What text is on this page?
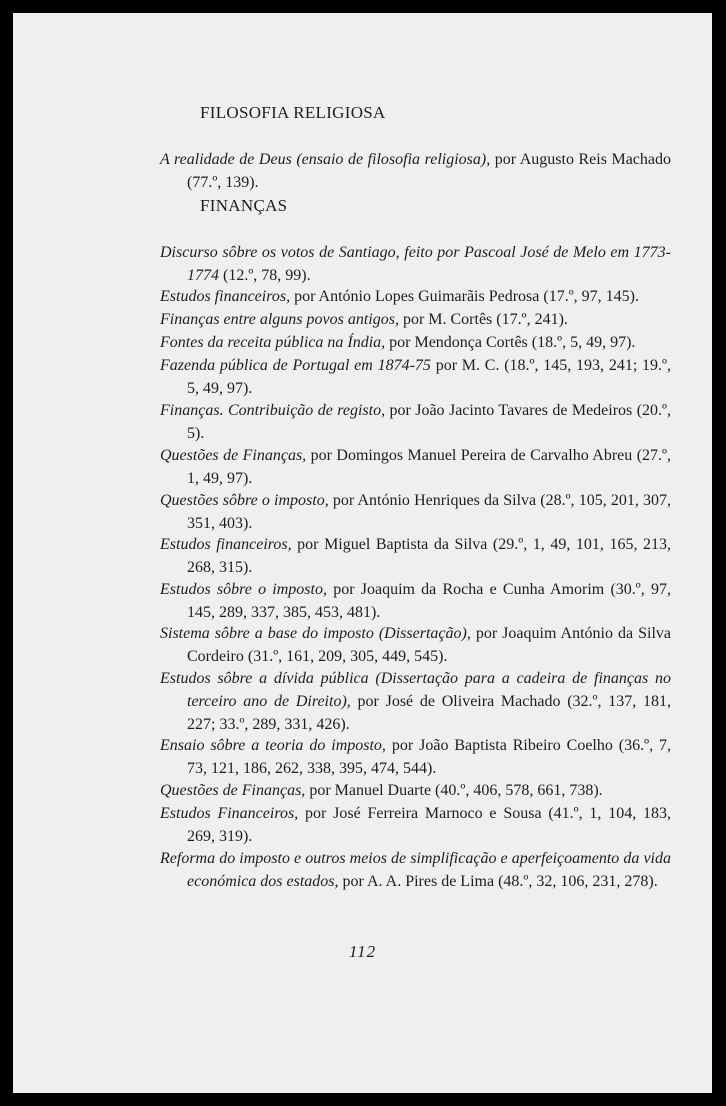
FILOSOFIA RELIGIOSA

A realidade de Deus (ensaio de filosofia religiosa), por Augusto Reis Machado (77.º, 139).

FINANÇAS

Discurso sôbre os votos de Santiago, feito por Pascoal José de Melo em 1773-1774 (12.º, 78, 99).

Estudos financeiros, por António Lopes Guimarãis Pedrosa (17.º, 97, 145).

Finanças entre alguns povos antigos, por M. Cortês (17.º, 241).

Fontes da receita pública na Índia, por Mendonça Cortês (18.º, 5, 49, 97).

Fazenda pública de Portugal em 1874-75 por M. C. (18.º, 145, 193, 241; 19.º, 5, 49, 97).

Finanças. Contribuição de registo, por João Jacinto Tavares de Medeiros (20.º, 5).

Questões de Finanças, por Domingos Manuel Pereira de Carvalho Abreu (27.º, 1, 49, 97).

Questões sôbre o imposto, por António Henriques da Silva (28.º, 105, 201, 307, 351, 403).

Estudos financeiros, por Miguel Baptista da Silva (29.º, 1, 49, 101, 165, 213, 268, 315).

Estudos sôbre o imposto, por Joaquim da Rocha e Cunha Amorim (30.º, 97, 145, 289, 337, 385, 453, 481).

Sistema sôbre a base do imposto (Dissertação), por Joaquim António da Silva Cordeiro (31.º, 161, 209, 305, 449, 545).

Estudos sôbre a dívida pública (Dissertação para a cadeira de finanças no terceiro ano de Direito), por José de Oliveira Machado (32.º, 137, 181, 227; 33.º, 289, 331, 426).

Ensaio sôbre a teoria do imposto, por João Baptista Ribeiro Coelho (36.º, 7, 73, 121, 186, 262, 338, 395, 474, 544).

Questões de Finanças, por Manuel Duarte (40.º, 406, 578, 661, 738).

Estudos Financeiros, por José Ferreira Marnoco e Sousa (41.º, 1, 104, 183, 269, 319).

Reforma do imposto e outros meios de simplificação e aperfeiçoamento da vida económica dos estados, por A. A. Pires de Lima (48.º, 32, 106, 231, 278).

112
